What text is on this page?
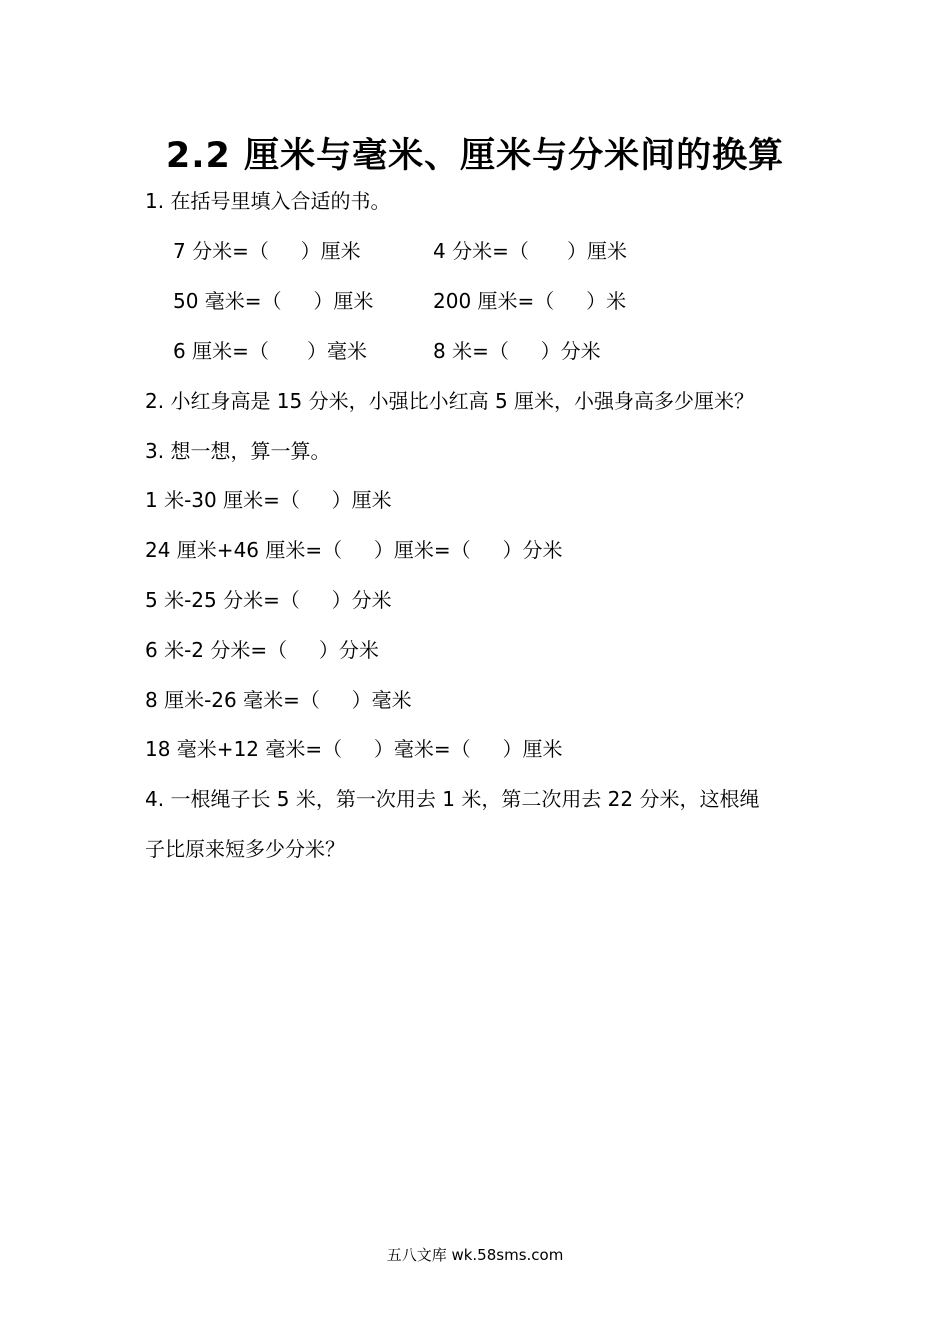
2.2 厘米与毫米、厘米与分米间的换算
1. 在括号里填入合适的书。
7 分米=（     ）厘米	4 分米=（      ）厘米
50 毫米=（     ）厘米	200 厘米=（     ）米
6 厘米=（      ）毫米	8 米=（     ）分米
2. 小红身高是 15 分米，小强比小红高 5 厘米，小强身高多少厘米？
3. 想一想，算一算。
1 米-30 厘米=（     ）厘米
24 厘米+46 厘米=（     ）厘米=（     ）分米
5 米-25 分米=（     ）分米
6 米-2 分米=（     ）分米
8 厘米-26 毫米=（     ）毫米
18 毫米+12 毫米=（     ）毫米=（     ）厘米
4. 一根绳子长 5 米，第一次用去 1 米，第二次用去 22 分米，这根绳
子比原来短多少分米？
五八文库 wk.58sms.com
